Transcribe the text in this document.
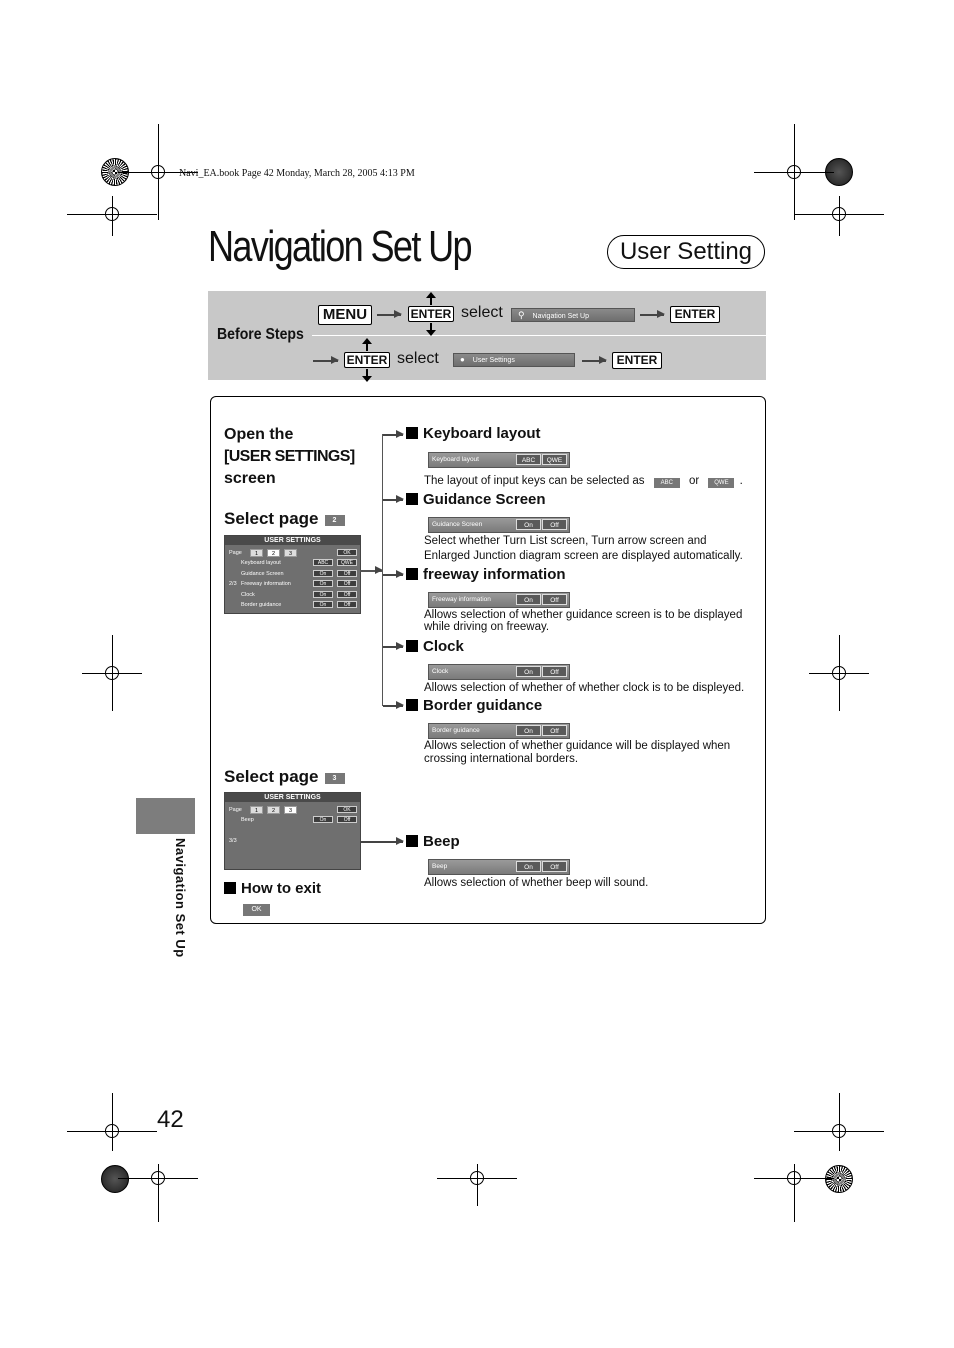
Navi_EA.book Page 42 Monday, March 28, 2005 4:13 PM
Navigation Set Up	User Setting
Before Steps
MENU	ENTER select	⚲ Navigation Set Up	ENTER
ENTER select	● User Settings	ENTER
Open the
[USER SETTINGS]
screen
Select page 2
USER SETTINGS
Page	1	2	3	OK
2/3
Keyboard layout	ABC	QWE
Guidance Screen	On	Off
Freeway information	On	Off
Clock	On	Off
Border guidance	On	Off
Keyboard layout
Keyboard layout	ABC	QWE
The layout of input keys can be selected as	ABC or	QWE .
Guidance Screen
Guidance Screen	On	Off
Select whether Turn List screen, Turn arrow screen and
Enlarged Junction diagram screen are displayed automatically.
freeway information
Freeway information	On	Off
Allows selection of whether guidance screen is to be displayed
while driving on freeway.
Clock
Clock	On	Off
Allows selection of whether of whether clock is to be displeyed.
Border guidance
Border guidance	On	Off
Allows selection of whether guidance will be displayed when
crossing international borders.
Select page 3
USER SETTINGS
Page	1	2	3	OK
Beep	On	Off
3/3	Beep
Beep	On	Off
Allows selection of whether beep will sound.
How to exit
OK
Navigation Set Up
42
